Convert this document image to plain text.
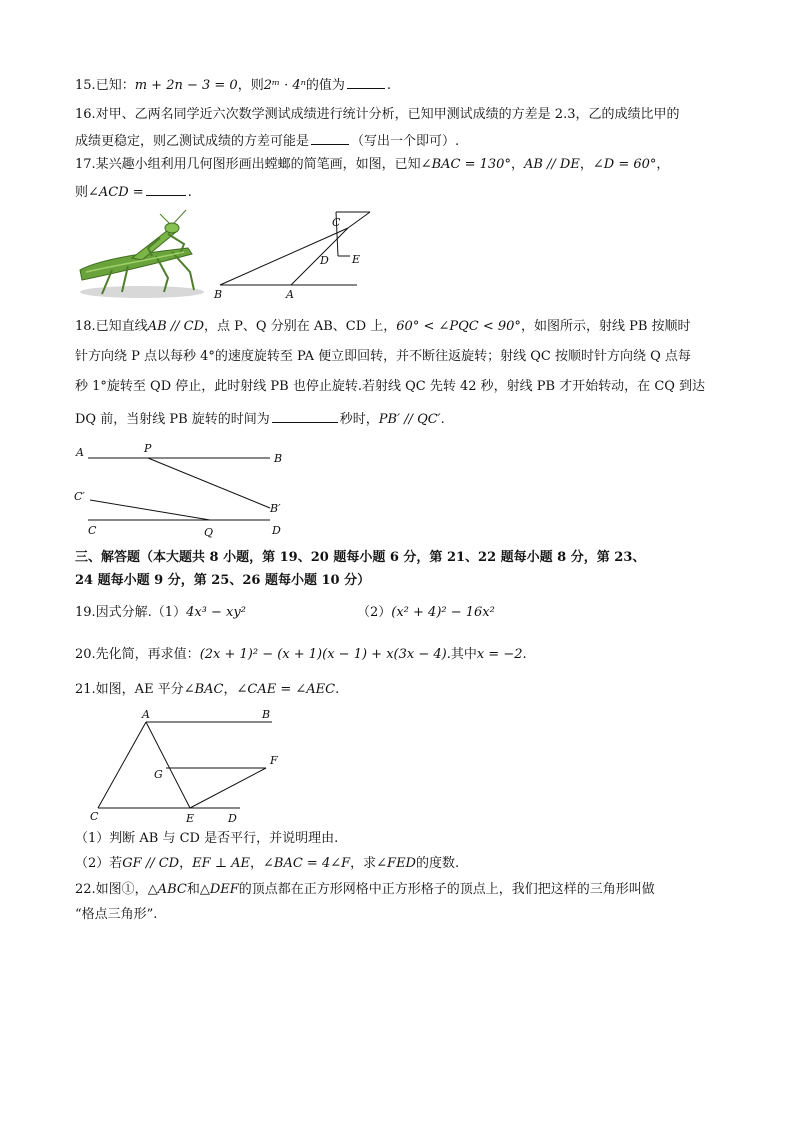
15.已知：m + 2n − 3 = 0，则2ᵐ · 4ⁿ的值为	.
16.对甲、乙两名同学近六次数学测试成绩进行统计分析，已知甲测试成绩的方差是 2.3，乙的成绩比甲的
成绩更稳定，则乙测试成绩的方差可能是	（写出一个即可）.
17.某兴趣小组利用几何图形画出螳螂的简笔画，如图，已知∠BAC = 130°，AB // DE，∠D = 60°，
则∠ACD =	.
C
D E
B	A
18.已知直线AB // CD，点 P、Q 分别在 AB、CD 上，60° < ∠PQC < 90°，如图所示，射线 PB 按顺时
针方向绕 P 点以每秒 4°的速度旋转至 PA 便立即回转，并不断往返旋转；射线 QC 按顺时针方向绕 Q 点每
秒 1°旋转至 QD 停止，此时射线 PB 也停止旋转.若射线 QC 先转 42 秒，射线 PB 才开始转动，在 CQ 到达
DQ 前，当射线 PB 旋转的时间为	秒时，PB′ // QC′.
A	P
B
C′
B′
C	Q	D
三、解答题（本大题共 8 小题，第 19、20 题每小题 6 分，第 21、22 题每小题 8 分，第 23、
24 题每小题 9 分，第 25、26 题每小题 10 分）
19.因式分解.（1）4x³ − xy²	（2）(x² + 4)² − 16x²
20.先化简，再求值：(2x + 1)² − (x + 1)(x − 1) + x(3x − 4).其中x = −2.
21.如图，AE 平分∠BAC，∠CAE = ∠AEC.
A	B
F
G
C	E	D
（1）判断 AB 与 CD 是否平行，并说明理由.
（2）若GF // CD，EF ⊥ AE，∠BAC = 4∠F，求∠FED的度数.
22.如图①，△ABC和△DEF的顶点都在正方形网格中正方形格子的顶点上，我们把这样的三角形叫做
“格点三角形”.
